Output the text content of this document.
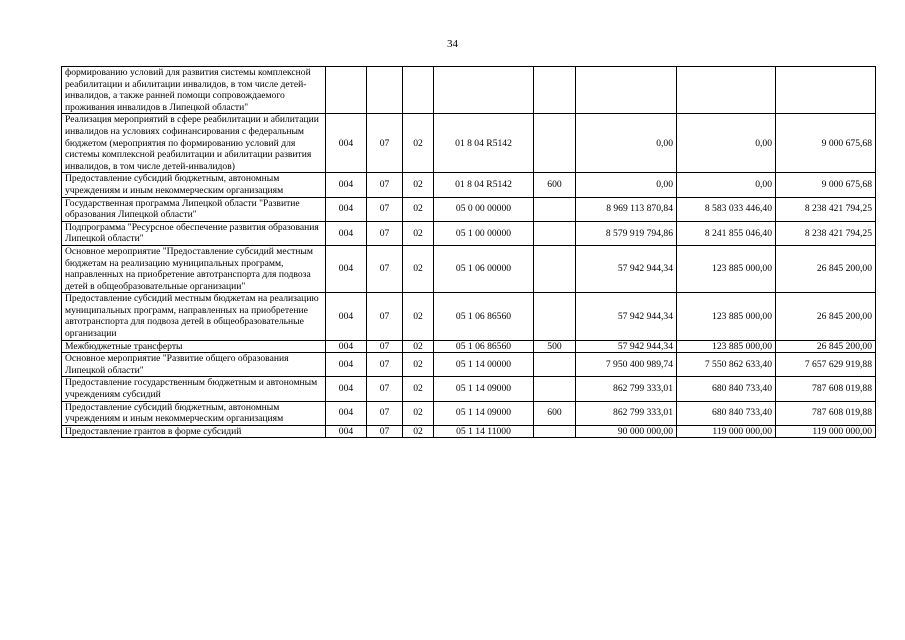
34
формированию условий для развития системы комплексной реабилитации и абилитации инвалидов, в том числе детей-инвалидов, а также ранней помощи сопровождаемого проживания инвалидов в Липецкой области"								
Реализация мероприятий в сфере реабилитации и абилитации инвалидов на условиях софинансирования с федеральным бюджетом (мероприятия по формированию условий для системы комплексной реабилитации и абилитации развития инвалидов, в том числе детей-инвалидов)	004	07	02	01 8 04 R5142		0,00	0,00	9 000 675,68
Предоставление субсидий бюджетным, автономным учреждениям и иным некоммерческим организациям	004	07	02	01 8 04 R5142	600	0,00	0,00	9 000 675,68
Государственная программа Липецкой области "Развитие образования Липецкой области"	004	07	02	05 0 00 00000		8 969 113 870,84	8 583 033 446,40	8 238 421 794,25
Подпрограмма "Ресурсное обеспечение развития образования Липецкой области"	004	07	02	05 1 00 00000		8 579 919 794,86	8 241 855 046,40	8 238 421 794,25
Основное мероприятие "Предоставление субсидий местным бюджетам на реализацию муниципальных программ, направленных на приобретение автотранспорта для подвоза детей в общеобразовательные организации"	004	07	02	05 1 06 00000		57 942 944,34	123 885 000,00	26 845 200,00
Предоставление субсидий местным бюджетам на реализацию муниципальных программ, направленных на приобретение автотранспорта для подвоза детей в общеобразовательные организации	004	07	02	05 1 06 86560		57 942 944,34	123 885 000,00	26 845 200,00
Межбюджетные трансферты	004	07	02	05 1 06 86560	500	57 942 944,34	123 885 000,00	26 845 200,00
Основное мероприятие "Развитие общего образования Липецкой области"	004	07	02	05 1 14 00000		7 950 400 989,74	7 550 862 633,40	7 657 629 919,88
Предоставление государственным бюджетным и автономным учреждениям субсидий	004	07	02	05 1 14 09000		862 799 333,01	680 840 733,40	787 608 019,88
Предоставление субсидий бюджетным, автономным учреждениям и иным некоммерческим организациям	004	07	02	05 1 14 09000	600	862 799 333,01	680 840 733,40	787 608 019,88
Предоставление грантов в форме субсидий	004	07	02	05 1 14 11000		90 000 000,00	119 000 000,00	119 000 000,00
